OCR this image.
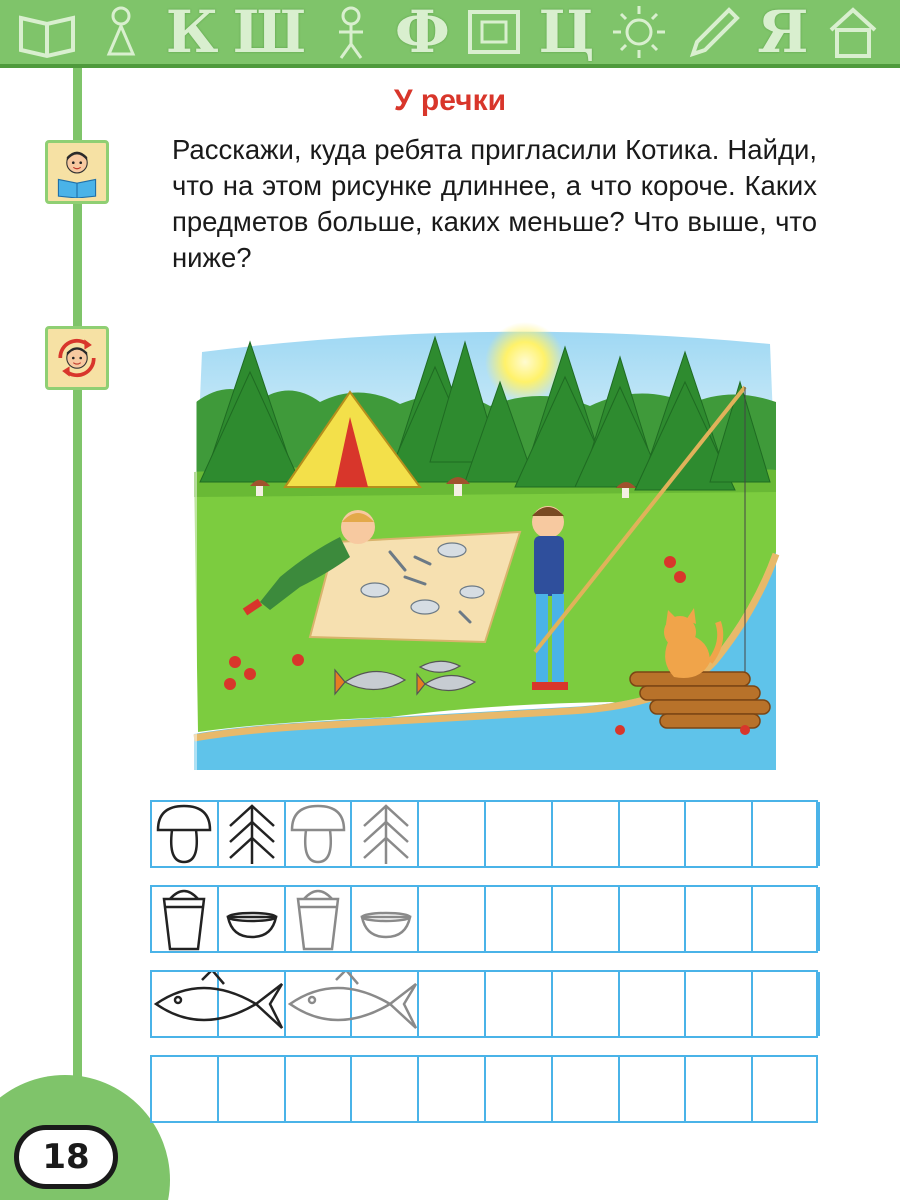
К Ш Ф Ц	Я
18
У речки

Расскажи, куда ребята пригласили Котика. Найди, что на этом рисунке длиннее, а что короче. Каких предметов больше, каких меньше? Что выше, что ниже?
